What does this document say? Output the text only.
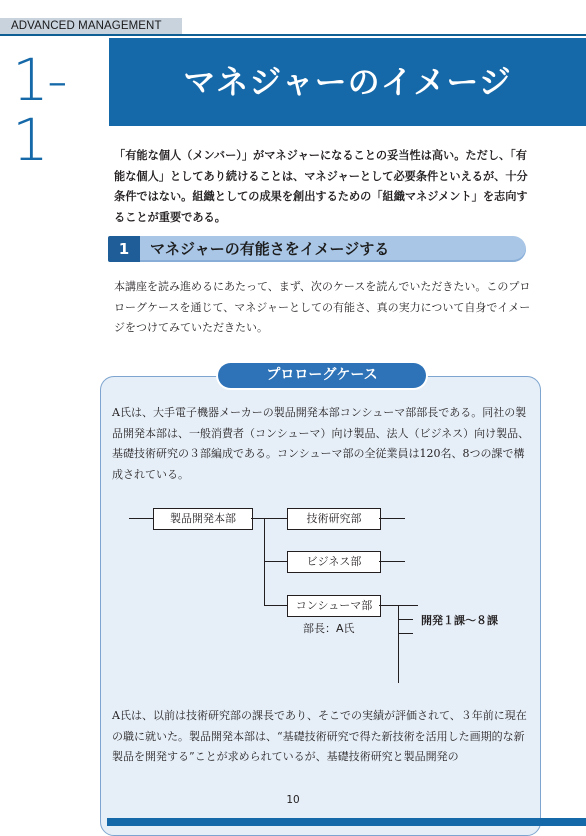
ADVANCED MANAGEMENT
1-1
マネジャーのイメージ
「有能な個人（メンバー）」がマネジャーになることの妥当性は高い。ただし、「有能な個人」としてあり続けることは、マネジャーとして必要条件といえるが、十分条件ではない。組織としての成果を創出するための「組織マネジメント」を志向することが重要である。
1	マネジャーの有能さをイメージする
本講座を読み進めるにあたって、まず、次のケースを読んでいただきたい。このプロローグケースを通じて、マネジャーとしての有能さ、真の実力について自身でイメージをつけてみていただきたい。
プロローグケース
A氏は、大手電子機器メーカーの製品開発本部コンシューマ部部長である。同社の製品開発本部は、一般消費者（コンシューマ）向け製品、法人（ビジネス）向け製品、基礎技術研究の３部編成である。コンシューマ部の全従業員は120名、8つの課で構成されている。
製品開発本部	技術研究部
ビジネス部
コンシューマ部
部長：A氏
開発１課〜８課
A氏は、以前は技術研究部の課長であり、そこでの実績が評価されて、３年前に現在の職に就いた。製品開発本部は、“基礎技術研究で得た新技術を活用した画期的な新製品を開発する”ことが求められているが、基礎技術研究と製品開発の
10
